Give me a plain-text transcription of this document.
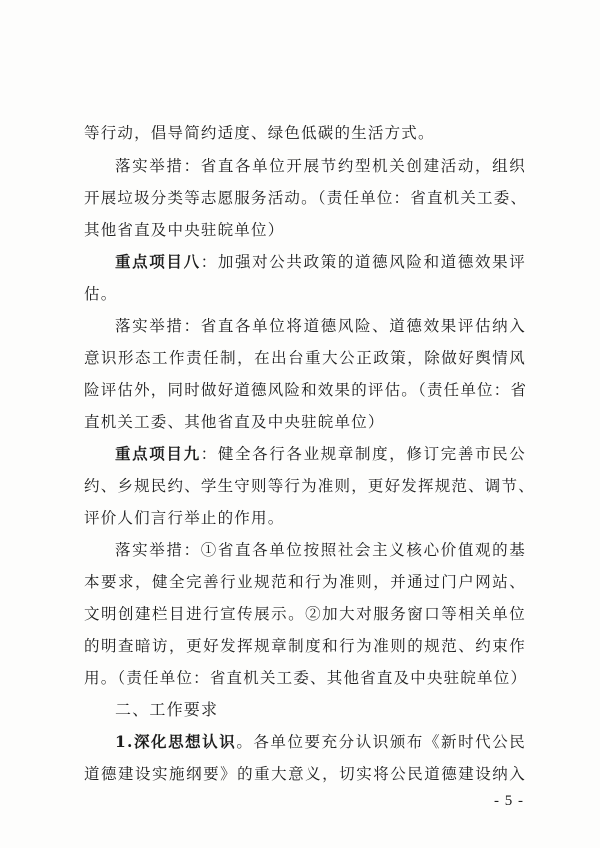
等行动，倡导简约适度、绿色低碳的生活方式。
落实举措：省直各单位开展节约型机关创建活动，组织
开展垃圾分类等志愿服务活动。（责任单位：省直机关工委、
其他省直及中央驻皖单位）
重点项目八：加强对公共政策的道德风险和道德效果评
估。
落实举措：省直各单位将道德风险、道德效果评估纳入
意识形态工作责任制，在出台重大公正政策，除做好舆情风
险评估外，同时做好道德风险和效果的评估。（责任单位：省
直机关工委、其他省直及中央驻皖单位）
重点项目九：健全各行各业规章制度，修订完善市民公
约、乡规民约、学生守则等行为准则，更好发挥规范、调节、
评价人们言行举止的作用。
落实举措：①省直各单位按照社会主义核心价值观的基
本要求，健全完善行业规范和行为准则，并通过门户网站、
文明创建栏目进行宣传展示。②加大对服务窗口等相关单位
的明查暗访，更好发挥规章制度和行为准则的规范、约束作
用。（责任单位：省直机关工委、其他省直及中央驻皖单位）
二、工作要求
1.深化思想认识。各单位要充分认识颁布《新时代公民
道德建设实施纲要》的重大意义，切实将公民道德建设纳入
- 5 -
